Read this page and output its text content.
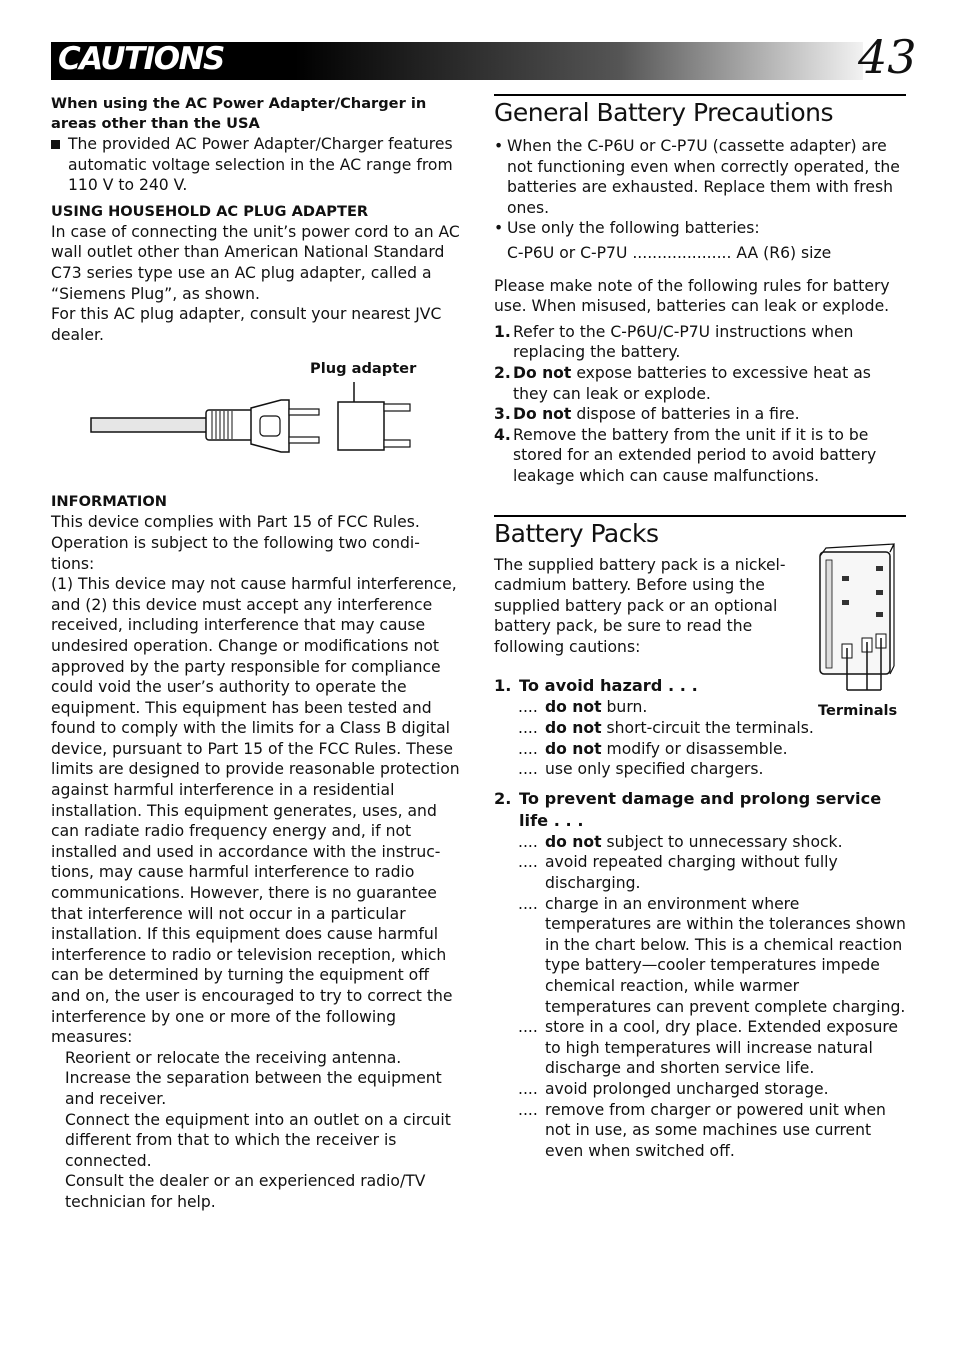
CAUTIONS	43

When using the AC Power Adapter/Charger in areas other than the USA

The provided AC Power Adapter/Charger features automatic voltage selection in the AC range from 110 V to 240 V.

USING HOUSEHOLD AC PLUG ADAPTER

In case of connecting the unit’s power cord to an AC wall outlet other than American National Standard C73 series type use an AC plug adapter, called a “Siemens Plug”, as shown.

For this AC plug adapter, consult your nearest JVC dealer.

INFORMATION

This device complies with Part 15 of FCC Rules. Operation is subject to the following two condi- tions:

(1) This device may not cause harmful interference, and (2) this device must accept any interference received, including interference that may cause undesired operation. Change or modifications not approved by the party responsible for compliance could void the user’s authority to operate the equipment. This equipment has been tested and found to comply with the limits for a Class B digital device, pursuant to Part 15 of the FCC Rules. These limits are designed to provide reasonable protection against harmful interference in a residential installation. This equipment generates, uses, and can radiate radio frequency energy and, if not installed and used in accordance with the instruc- tions, may cause harmful interference to radio communications. However, there is no guarantee that interference will not occur in a particular installation. If this equipment does cause harmful interference to radio or television reception, which can be determined by turning the equipment off and on, the user is encouraged to try to correct the interference by one or more of the following measures:

Reorient or relocate the receiving antenna.

Increase the separation between the equipment and receiver.

Connect the equipment into an outlet on a circuit different from that to which the receiver is connected.

Consult the dealer or an experienced radio/TV technician for help.

Plug adapter
General Battery Precautions
• When the C-P6U or C-P7U (cassette adapter) are not functioning even when correctly operated, the batteries are exhausted. Replace them with fresh ones.
• Use only the following batteries:

C-P6U or C-P7U .................... AA (R6) size

Please make note of the following rules for battery use. When misused, batteries can leak or explode.

1. Refer to the C-P6U/C-P7U instructions when replacing the battery.
2. Do not expose batteries to excessive heat as they can leak or explode.
3. Do not dispose of batteries in a fire.
4. Remove the battery from the unit if it is to be stored for an extended period to avoid battery leakage which can cause malfunctions.
Battery Packs

The supplied battery pack is a nickel-cadmium battery. Before using the supplied battery pack or an optional battery pack, be sure to read the following cautions:

1. To avoid hazard . . .
.... do not burn.
.... do not short-circuit the terminals.
.... do not modify or disassemble.
.... use only specified chargers.
2. To prevent damage and prolong service life . . .
.... do not subject to unnecessary shock.
.... avoid repeated charging without fully discharging.
.... charge in an environment where temperatures are within the tolerances shown in the chart below. This is a chemical reaction type battery—cooler temperatures impede chemical reaction, while warmer temperatures can prevent complete charging.
.... store in a cool, dry place. Extended exposure to high temperatures will increase natural discharge and shorten service life.
.... avoid prolonged uncharged storage.
.... remove from charger or powered unit when not in use, as some machines use current even when switched off.
Terminals
